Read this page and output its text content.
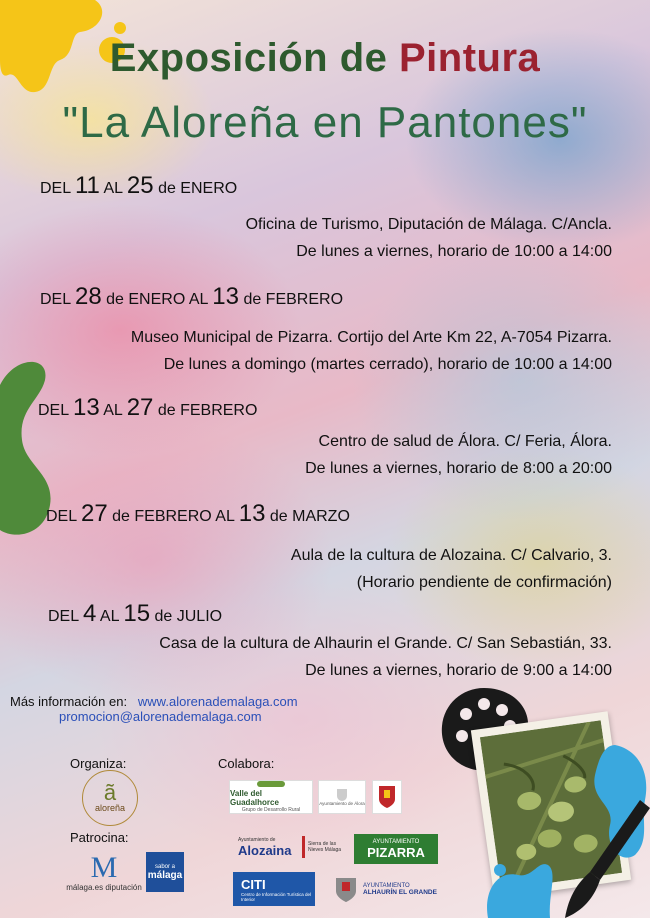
Exposición de Pintura
"La Aloreña en Pantones"
DEL 11 AL 25 de ENERO
Oficina de Turismo, Diputación de Málaga. C/Ancla.
De lunes a viernes, horario de 10:00 a 14:00
DEL 28 de ENERO AL 13 de FEBRERO
Museo Municipal de Pizarra. Cortijo del Arte Km 22, A-7054 Pizarra.
De lunes a domingo (martes cerrado), horario de 10:00 a 14:00
DEL 13 AL 27 de FEBRERO
Centro de salud de Álora. C/ Feria, Álora.
De lunes a viernes, horario de 8:00 a 20:00
DEL 27 de FEBRERO AL 13 de MARZO
Aula de la cultura de Alozaina. C/ Calvario, 3.
(Horario pendiente de confirmación)
DEL 4 AL 15 de JULIO
Casa de la cultura de Alhaurin el Grande. C/ San Sebastián, 33.
De lunes a viernes, horario de 9:00 a 14:00
Más información en: www.alorenademalaga.com
promocion@alorenademalaga.com
Organiza:	Colabora:
Patrocina:
ã
aloreña
M
málaga.es diputación
sabor a
málaga
Valle del Guadalhorce
Grupo de Desarrollo Rural
Ayuntamiento de Álora
Ayuntamiento de
Alozaina	Sierra de las Nieves Málaga
AYUNTAMIENTO
PIZARRA
CITI
Centro de Información Turística del Interior
AYUNTAMIENTO
ALHAURÍN EL GRANDE
